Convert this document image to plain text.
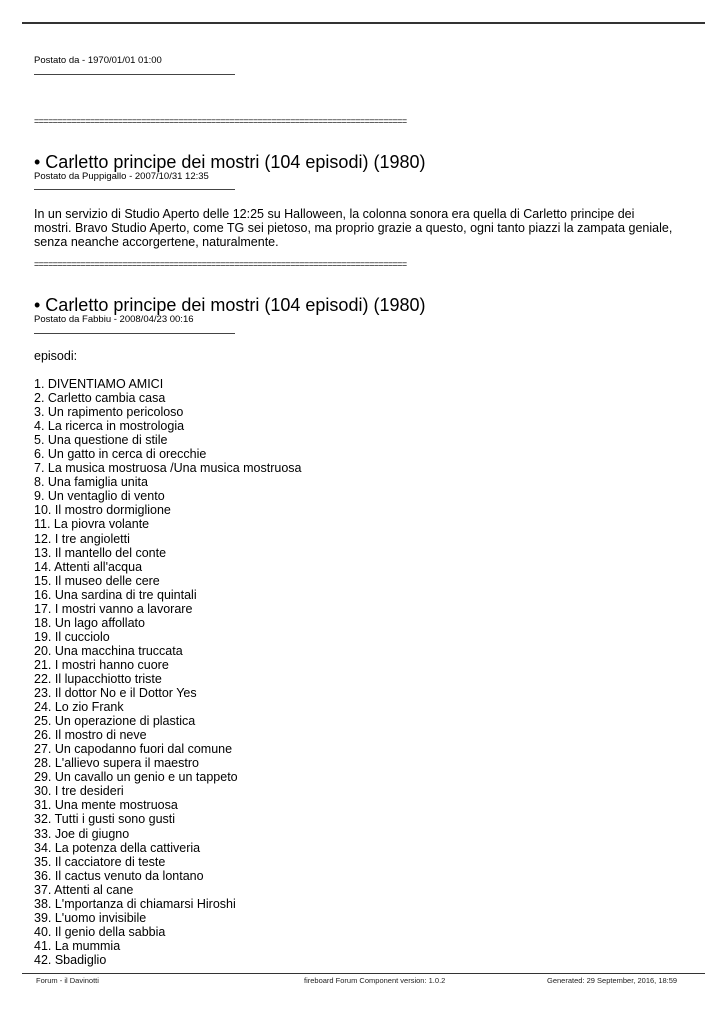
Postato da - 1970/01/01 01:00
================================================================================
• Carletto principe dei mostri (104 episodi) (1980)
Postato da Puppigallo - 2007/10/31 12:35

In un servizio di Studio Aperto delle 12:25 su Halloween, la colonna sonora era quella di Carletto principe dei mostri. Bravo Studio Aperto, come TG sei pietoso, ma proprio grazie a questo, ogni tanto piazzi la zampata geniale, senza neanche accorgertene, naturalmente.

================================================================================
• Carletto principe dei mostri (104 episodi) (1980)
Postato da Fabbiu - 2008/04/23 00:16
episodi:
1. DIVENTIAMO AMICI
2. Carletto cambia casa
3. Un rapimento pericoloso
4. La ricerca in mostrologia
5. Una questione di stile
6. Un gatto in cerca di orecchie
7. La musica mostruosa /Una musica mostruosa
8. Una famiglia unita
9. Un ventaglio di vento
10. Il mostro dormiglione
11. La piovra volante
12. I tre angioletti
13. Il mantello del conte
14. Attenti all'acqua
15. Il museo delle cere
16. Una sardina di tre quintali
17. I mostri vanno a lavorare
18. Un lago affollato
19. Il cucciolo
20. Una macchina truccata
21. I mostri hanno cuore
22. Il lupacchiotto triste
23. Il dottor No e il Dottor Yes
24. Lo zio Frank
25. Un operazione di plastica
26. Il mostro di neve
27. Un capodanno fuori dal comune
28. L'allievo supera il maestro
29. Un cavallo un genio e un tappeto
30. I tre desideri
31. Una mente mostruosa
32. Tutti i gusti sono gusti
33. Joe di giugno
34. La potenza della cattiveria
35. Il cacciatore di teste
36. Il cactus venuto da lontano
37. Attenti al cane
38. L'mportanza di chiamarsi Hiroshi
39. L'uomo invisibile
40. Il genio della sabbia
41. La mummia
42. Sbadiglio
Forum - il Davinotti	fireboard Forum Component version: 1.0.2	Generated: 29 September, 2016, 18:59
